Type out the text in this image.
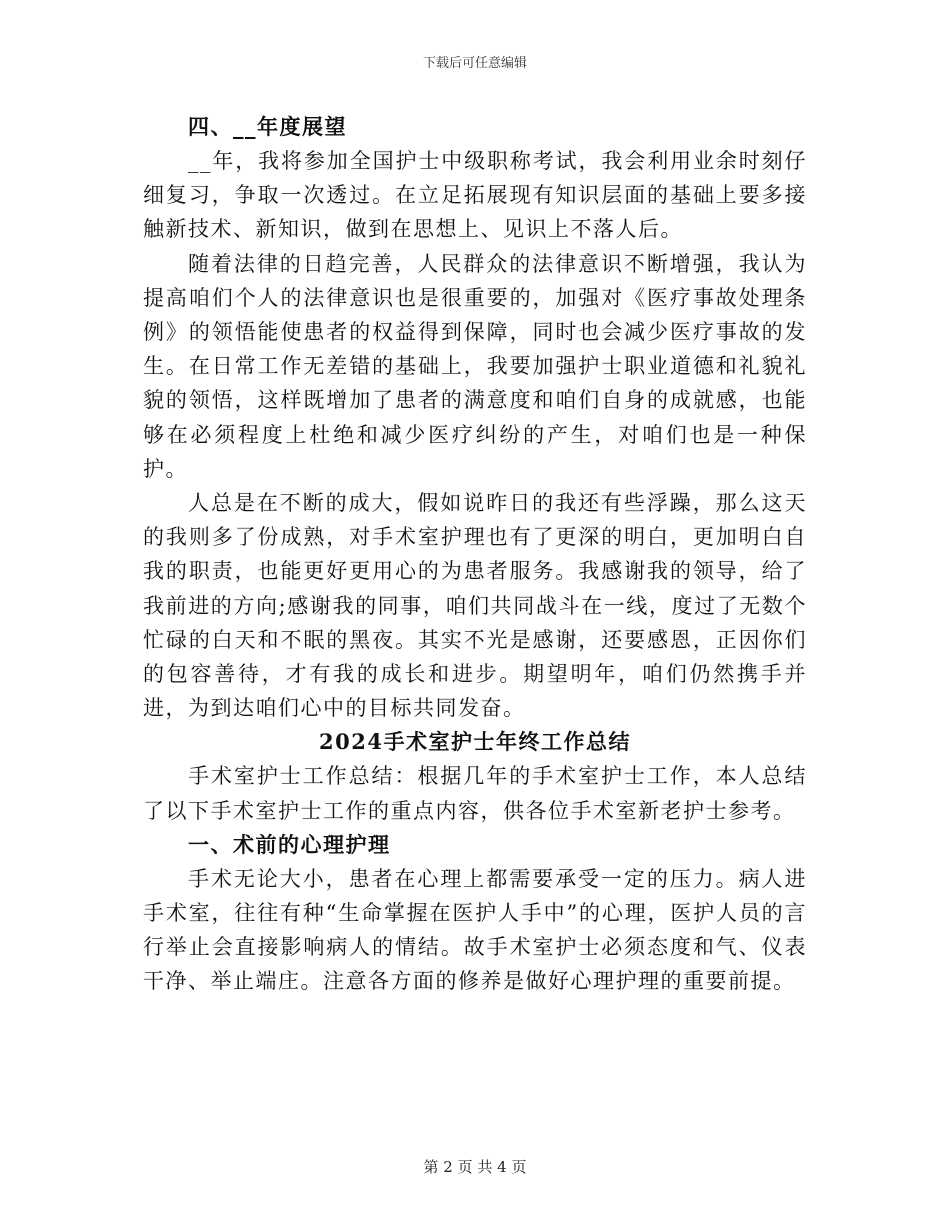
下载后可任意编辑
四、__年度展望

__年，我将参加全国护士中级职称考试，我会利用业余时刻仔细复习，争取一次透过。在立足拓展现有知识层面的基础上要多接触新技术、新知识，做到在思想上、见识上不落人后。

随着法律的日趋完善，人民群众的法律意识不断增强，我认为提高咱们个人的法律意识也是很重要的，加强对《医疗事故处理条例》的领悟能使患者的权益得到保障，同时也会减少医疗事故的发生。在日常工作无差错的基础上，我要加强护士职业道德和礼貌礼貌的领悟，这样既增加了患者的满意度和咱们自身的成就感，也能够在必须程度上杜绝和减少医疗纠纷的产生，对咱们也是一种保护。

人总是在不断的成大，假如说昨日的我还有些浮躁，那么这天的我则多了份成熟，对手术室护理也有了更深的明白，更加明白自我的职责，也能更好更用心的为患者服务。我感谢我的领导，给了我前进的方向;感谢我的同事，咱们共同战斗在一线，度过了无数个忙碌的白天和不眠的黑夜。其实不光是感谢，还要感恩，正因你们的包容善待，才有我的成长和进步。期望明年，咱们仍然携手并进，为到达咱们心中的目标共同发奋。

2024手术室护士年终工作总结

手术室护士工作总结：根据几年的手术室护士工作，本人总结了以下手术室护士工作的重点内容，供各位手术室新老护士参考。

一、术前的心理护理

手术无论大小，患者在心理上都需要承受一定的压力。病人进手术室，往往有种“生命掌握在医护人手中”的心理，医护人员的言行举止会直接影响病人的情结。故手术室护士必须态度和气、仪表干净、举止端庄。注意各方面的修养是做好心理护理的重要前提。

第 2 页 共 4 页
